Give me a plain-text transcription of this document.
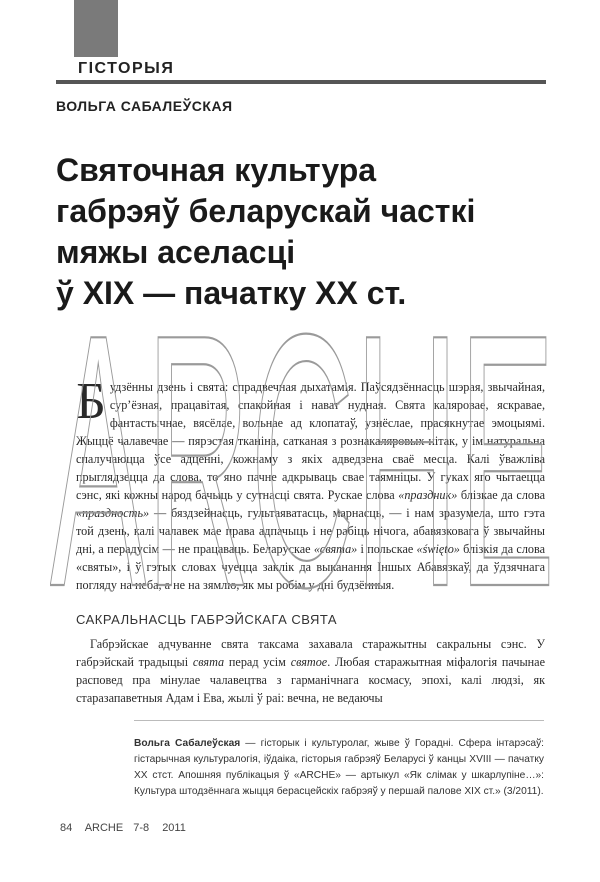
ГІСТОРЫЯ
ВОЛЬГА САБАЛЕЎСКАЯ
Святочная культура
габрэяў беларускай часткі
мяжы аселасці
ў XIX — пачатку XX ст.

Будзённы дзень і свята: спрадвечная дыхатамія. Паўсядзённасць шэрая, звычайная, сур’ёзная, працавітая, спакойная і нават нудная. Свята каляровае, яскравае, фантастычнае, вясёлае, вольнае ад клопатаў, узнёслае, прасякнутае эмоцыямі. Жыццё чалавечае — пярэстая тканіна, сатканая з рознакаляровых нітак, у ім натуральна спалучаюцца ўсе адценні, кожнаму з якіх адведзена сваё месца. Калі ўважліва прыглядзецца да слова, то яно пачне адкрываць свае таямніцы. У гуках яго чытаецца сэнс, які кожны народ бачыць у сутнасці свята. Рускае слова «праздник» блізкае да слова «праздность» — бяздзейнасць, гультаяватасць, марнасць, — і нам зразумела, што гэта той дзень, калі чалавек мае права адпачыць і не рабіць нічога, абавязковага ў звычайны дні, а перадусім — не працаваць. Беларускае «свята» і польскае «święto» блізкія да слова «святы», і ў гэтых словах чуецца заклік да выканання Іншых Абавязкаў, да ўдзячнага погляду на неба, а не на зямлю, як мы робім у дні будзённыя.

САКРАЛЬНАСЦЬ ГАБРЭЙСКАГА СВЯТА

Габрэйскае адчуванне свята таксама захавала старажытны сакральны сэнс. У габрэйскай традыцыі свята перад усім святое. Любая старажытная міфалогія пачынае расповед пра мінулае чалавецтва з гарманічнага космасу, эпохі, калі людзі, як старазапаветныя Адам і Ева, жылі ў раі: вечна, не ведаючы

ARCHE
Вольга Сабалеўская — гісторык і культуролаг, жыве ў Горадні. Сфера інтарэсаў: гістарычная культуралогія, іўдаіка, гісторыя габрэяў Беларусі ў канцы XVIII — пачатку XX стст. Апошняя публікацыя ў «ARCHE» — артыкул «Як слімак у шкарлупіне…»: Культура штодзённага жыцця берасцейскіх габрэяў у першай палове XIX ст.» (3/2011).
84 ARCHE 7-8 2011
